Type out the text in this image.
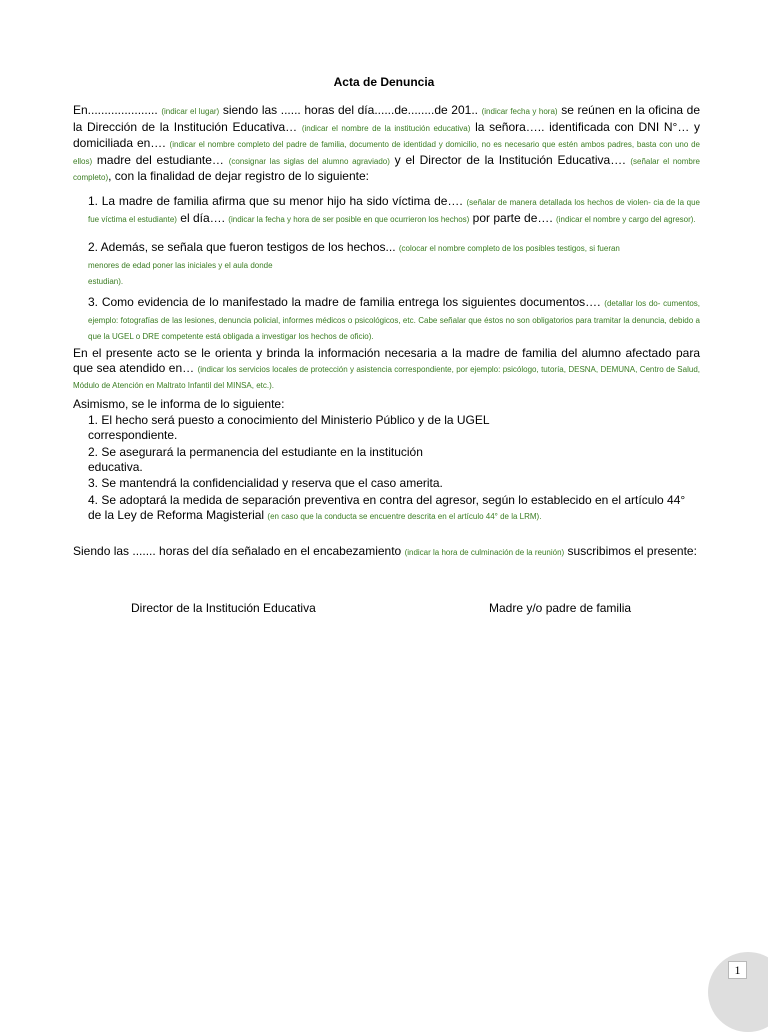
Acta de Denuncia
En..................... (indicar el lugar) siendo las ...... horas del día......de........de 201.. (indicar fecha y hora) se reúnen en la oficina de la Dirección de la Institución Educativa… (indicar el nombre de la institución educativa) la señora….. identificada con DNI N°… y domiciliada en…. (indicar el nombre completo del padre de familia, documento de identidad y domicilio, no es necesario que estén ambos padres, basta con uno de ellos) madre del estudiante… (consignar las siglas del alumno agraviado) y el Director de la Institución Educativa…. (señalar el nombre completo), con la finalidad de dejar registro de lo siguiente:
1. La madre de familia afirma que su menor hijo ha sido víctima de…. (señalar de manera detallada los hechos de violen- cia de la que fue víctima el estudiante) el día…. (indicar la fecha y hora de ser posible en que ocurrieron los hechos) por parte de…. (indicar el nombre y cargo del agresor).
2. Además, se señala que fueron testigos de los hechos... (colocar el nombre completo de los posibles testigos, si fueran
menores de edad poner las iniciales y el aula donde
estudian).
3. Como evidencia de lo manifestado la madre de familia entrega los siguientes documentos…. (detallar los do- cumentos, ejemplo: fotografías de las lesiones, denuncia policial, informes médicos o psicológicos, etc. Cabe señalar que éstos no son obligatorios para tramitar la denuncia, debido a que la UGEL o DRE competente está obligada a investigar los hechos de oficio).
En el presente acto se le orienta y brinda la información necesaria a la madre de familia del alumno afectado para que sea atendido en… (indicar los servicios locales de protección y asistencia correspondiente, por ejemplo: psicólogo, tutoría, DESNA, DEMUNA, Centro de Salud, Módulo de Atención en Maltrato Infantil del MINSA, etc.).
Asimismo, se le informa de lo siguiente:
1. El hecho será puesto a conocimiento del Ministerio Público y de la UGEL
correspondiente.
2. Se asegurará la permanencia del estudiante en la institución
educativa.
3. Se mantendrá la confidencialidad y reserva que el caso amerita.
4. Se adoptará la medida de separación preventiva en contra del agresor, según lo establecido en el artículo 44°
de la Ley de Reforma Magisterial (en caso que la conducta se encuentre descrita en el artículo 44° de la LRM).
Siendo las ....... horas del día señalado en el encabezamiento (indicar la hora de culminación de la reunión) suscribimos el presente:
Director de la Institución Educativa	Madre y/o padre de familia
1
